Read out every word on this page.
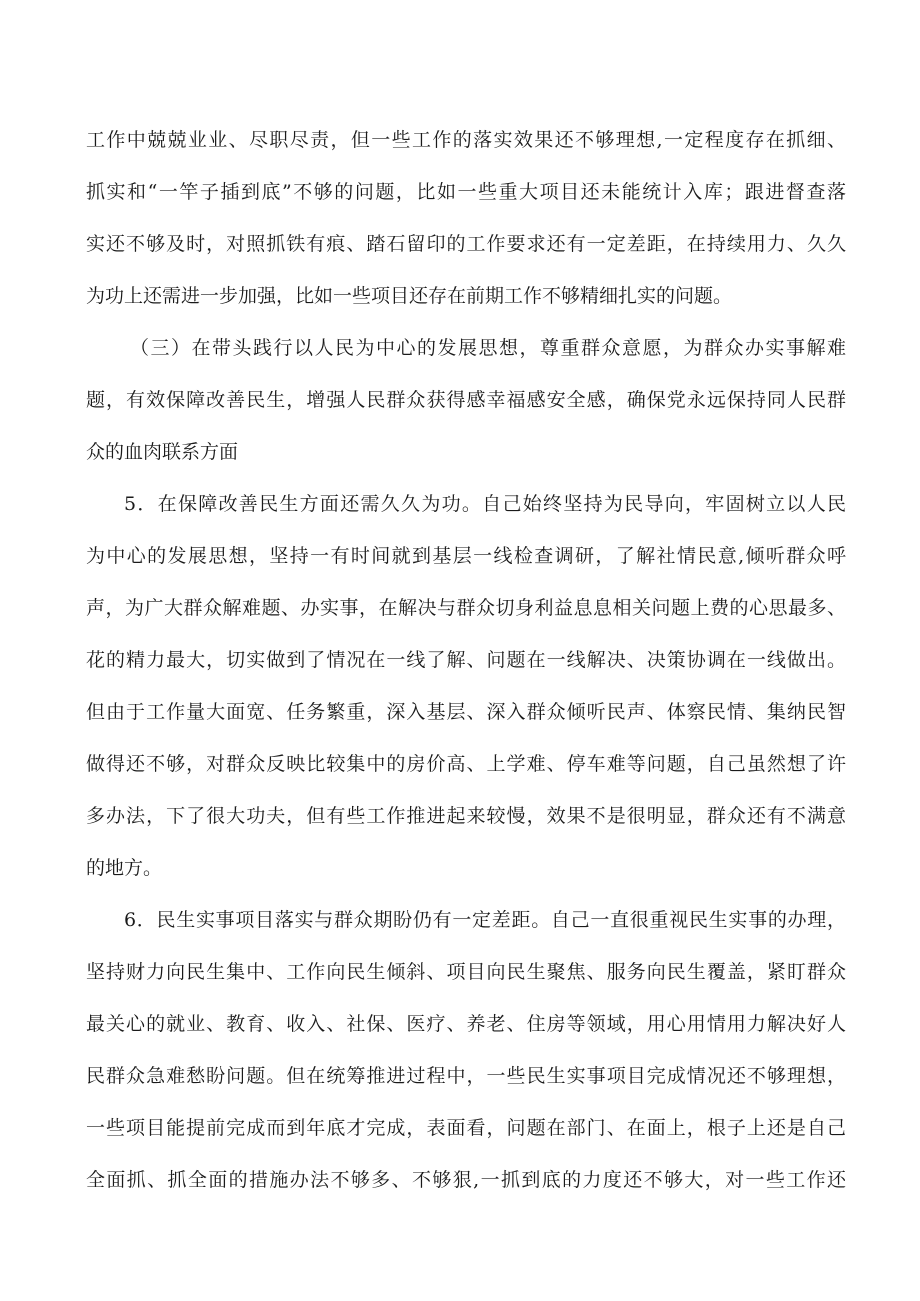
工作中兢兢业业、尽职尽责，但一些工作的落实效果还不够理想,一定程度存在抓细、
抓实和“一竿子插到底”不够的问题，比如一些重大项目还未能统计入库；跟进督查落
实还不够及时，对照抓铁有痕、踏石留印的工作要求还有一定差距，在持续用力、久久
为功上还需进一步加强，比如一些项目还存在前期工作不够精细扎实的问题。
（三）在带头践行以人民为中心的发展思想，尊重群众意愿，为群众办实事解难
题，有效保障改善民生，增强人民群众获得感幸福感安全感，确保党永远保持同人民群
众的血肉联系方面
5．在保障改善民生方面还需久久为功。自己始终坚持为民导向，牢固树立以人民
为中心的发展思想，坚持一有时间就到基层一线检查调研，了解社情民意,倾听群众呼
声，为广大群众解难题、办实事，在解决与群众切身利益息息相关问题上费的心思最多、
花的精力最大，切实做到了情况在一线了解、问题在一线解决、决策协调在一线做出。
但由于工作量大面宽、任务繁重，深入基层、深入群众倾听民声、体察民情、集纳民智
做得还不够，对群众反映比较集中的房价高、上学难、停车难等问题，自己虽然想了许
多办法，下了很大功夫，但有些工作推进起来较慢，效果不是很明显，群众还有不满意
的地方。
6．民生实事项目落实与群众期盼仍有一定差距。自己一直很重视民生实事的办理，
坚持财力向民生集中、工作向民生倾斜、项目向民生聚焦、服务向民生覆盖，紧盯群众
最关心的就业、教育、收入、社保、医疗、养老、住房等领域，用心用情用力解决好人
民群众急难愁盼问题。但在统筹推进过程中，一些民生实事项目完成情况还不够理想，
一些项目能提前完成而到年底才完成，表面看，问题在部门、在面上，根子上还是自己
全面抓、抓全面的措施办法不够多、不够狠,一抓到底的力度还不够大，对一些工作还
